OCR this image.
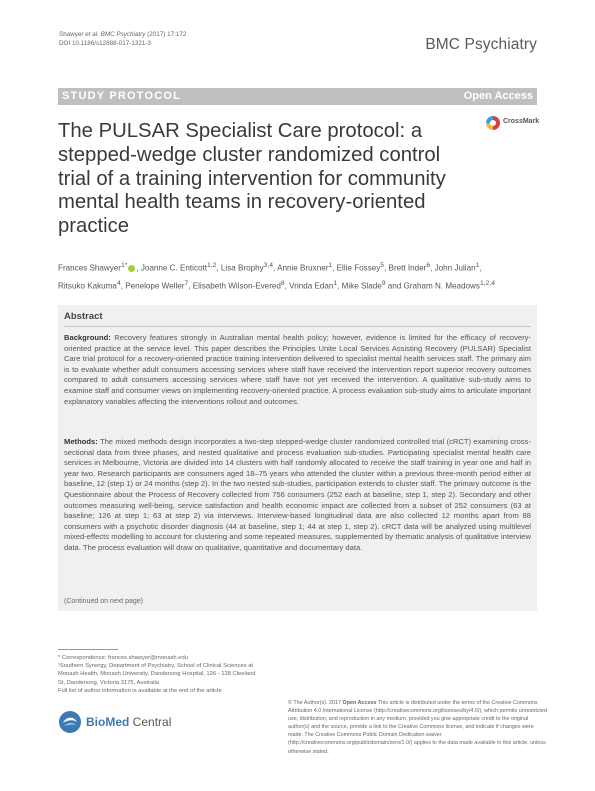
Shawyer et al. BMC Psychiatry (2017) 17:172
DOI 10.1186/s12888-017-1321-3	BMC Psychiatry
STUDY PROTOCOL	Open Access
The PULSAR Specialist Care protocol: a stepped-wedge cluster randomized control trial of a training intervention for community mental health teams in recovery-oriented practice
CrossMark
Frances Shawyer$^{1*}$ , Joanne C. Enticott$^{1,2}$, Lisa Brophy$^{3,4}$, Annie Bruxner$^1$, Ellie Fossey$^5$, Brett Inder$^6$, John Julian$^1$,
Ritsuko Kakuma$^4$, Penelope Weller$^7$, Elisabeth Wilson-Evered$^8$, Vrinda Edan$^1$, Mike Slade$^9$ and Graham N. Meadows$^{1,2,4}$
Abstract

Background: Recovery features strongly in Australian mental health policy; however, evidence is limited for the efficacy of recovery-oriented practice at the service level. This paper describes the Principles Unite Local Services Assisting Recovery (PULSAR) Specialist Care trial protocol for a recovery-oriented practice training intervention delivered to specialist mental health services staff. The primary aim is to evaluate whether adult consumers accessing services where staff have received the intervention report superior recovery outcomes compared to adult consumers accessing services where staff have not yet received the intervention. A qualitative sub-study aims to examine staff and consumer views on implementing recovery-oriented practice. A process evaluation sub-study aims to articulate important explanatory variables affecting the interventions rollout and outcomes.

Methods: The mixed methods design incorporates a two-step stepped-wedge cluster randomized controlled trial (cRCT) examining cross-sectional data from three phases, and nested qualitative and process evaluation sub-studies. Participating specialist mental health care services in Melbourne, Victoria are divided into 14 clusters with half randomly allocated to receive the staff training in year one and half in year two. Research participants are consumers aged 18–75 years who attended the cluster within a previous three-month period either at baseline, 12 (step 1) or 24 months (step 2). In the two nested sub-studies, participation extends to cluster staff. The primary outcome is the Questionnaire about the Process of Recovery collected from 756 consumers (252 each at baseline, step 1, step 2). Secondary and other outcomes measuring well-being, service satisfaction and health economic impact are collected from a subset of 252 consumers (63 at baseline; 126 at step 1; 63 at step 2) via interviews. Interview-based longitudinal data are also collected 12 months apart from 88 consumers with a psychotic disorder diagnosis (44 at baseline, step 1; 44 at step 1, step 2). cRCT data will be analyzed using multilevel mixed-effects modelling to account for clustering and some repeated measures, supplemented by thematic analysis of qualitative interview data. The process evaluation will draw on qualitative, quantitative and documentary data.

(Continued on next page)
* Correspondence: frances.shawyer@monash.edu
¹Southern Synergy, Department of Psychiatry, School of Clinical Sciences at Monash Health, Monash University, Dandenong Hospital, 126 - 128 Cleeland St, Dandenong, Victoria 3175, Australia
Full list of author information is available at the end of the article
BioMed Central
© The Author(s). 2017 Open Access This article is distributed under the terms of the Creative Commons Attribution 4.0 International License (http://creativecommons.org/licenses/by/4.0/), which permits unrestricted use, distribution, and reproduction in any medium, provided you give appropriate credit to the original author(s) and the source, provide a link to the Creative Commons license, and indicate if changes were made. The Creative Commons Public Domain Dedication waiver (http://creativecommons.org/publicdomain/zero/1.0/) applies to the data made available in this article, unless otherwise stated.
